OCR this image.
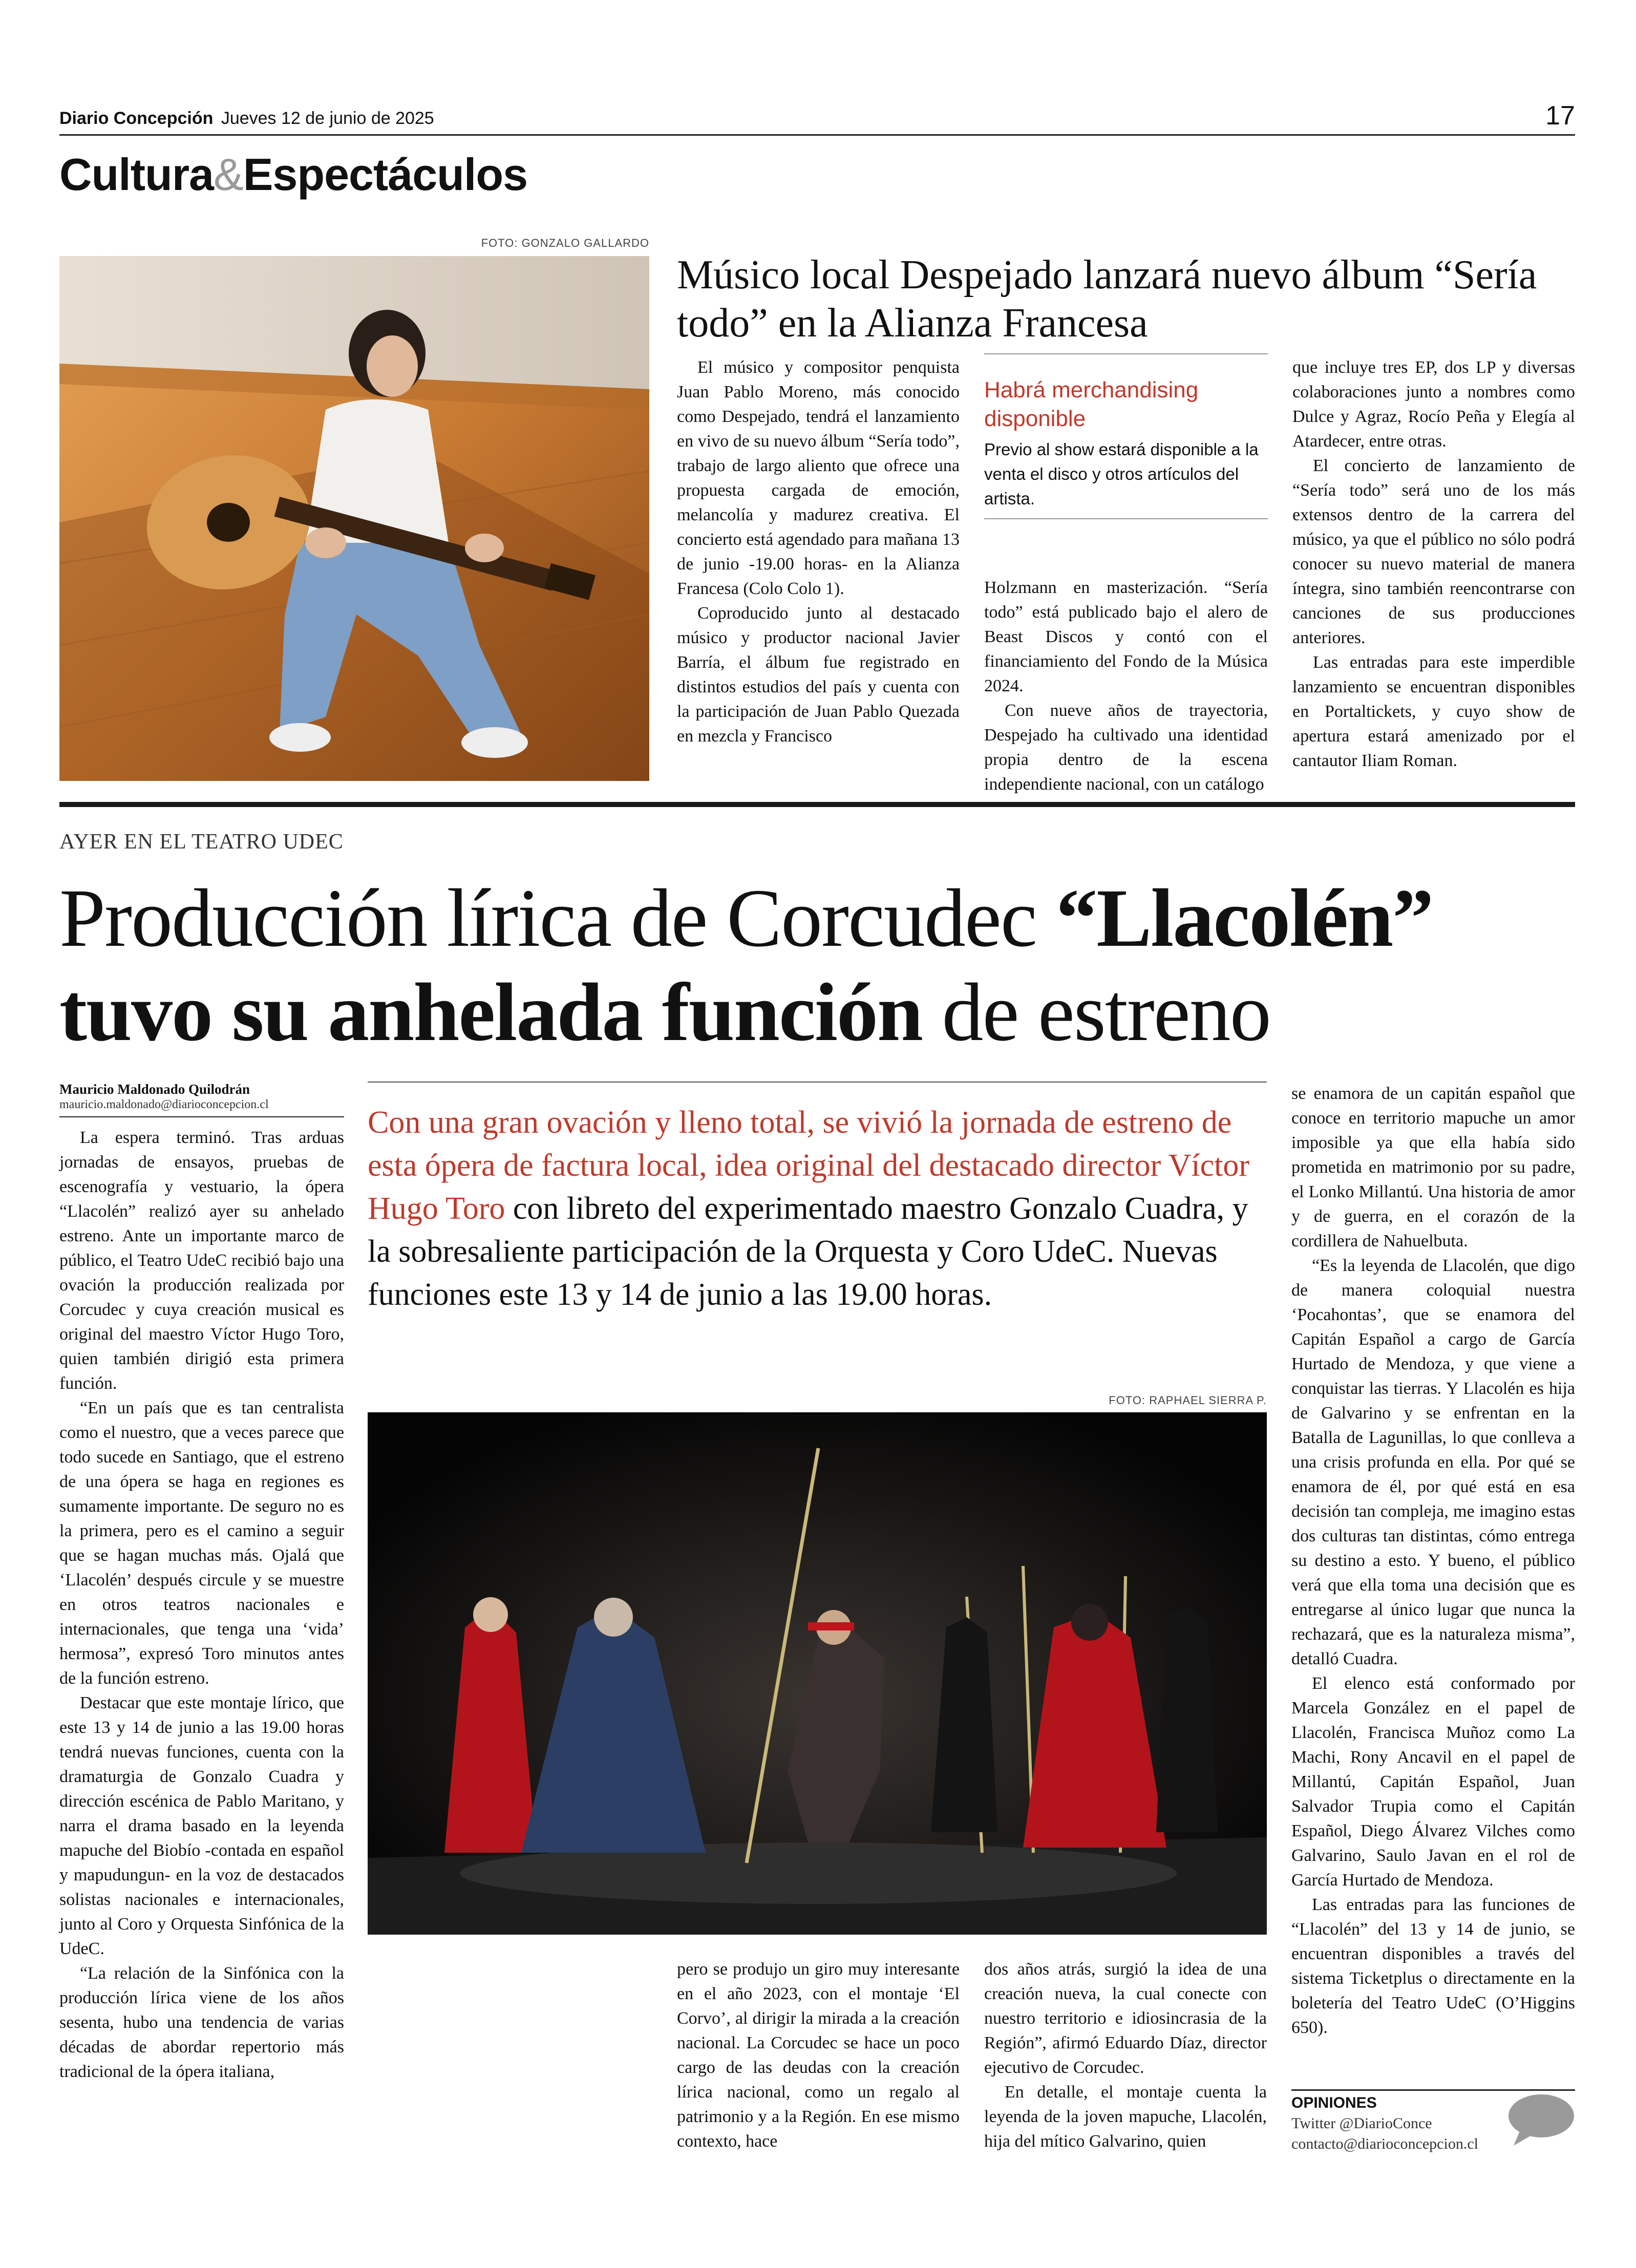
Diario Concepción Jueves 12 de junio de 2025	17
Cultura&Espectáculos
FOTO: GONZALO GALLARDO
Músico local Despejado lanzará nuevo álbum “Sería todo” en la Alianza Francesa

El músico y compositor penquista Juan Pablo Moreno, más conocido como Despejado, tendrá el lanzamiento en vivo de su nuevo álbum “Sería todo”, trabajo de largo aliento que ofrece una propuesta cargada de emoción, melancolía y madurez creativa. El concierto está agendado para mañana 13 de junio -19.00 horas- en la Alianza Francesa (Colo Colo 1).

Coproducido junto al destacado músico y productor nacional Javier Barría, el álbum fue registrado en distintos estudios del país y cuenta con la participación de Juan Pablo Quezada en mezcla y Francisco

Habrá merchandising disponible
Previo al show estará disponible a la venta el disco y otros artículos del artista.

Holzmann en masterización. “Sería todo” está publicado bajo el alero de Beast Discos y contó con el financiamiento del Fondo de la Música 2024.

Con nueve años de trayectoria, Despejado ha cultivado una identidad propia dentro de la escena independiente nacional, con un catálogo

que incluye tres EP, dos LP y diversas colaboraciones junto a nombres como Dulce y Agraz, Rocío Peña y Elegía al Atardecer, entre otras.

El concierto de lanzamiento de “Sería todo” será uno de los más extensos dentro de la carrera del músico, ya que el público no sólo podrá conocer su nuevo material de manera íntegra, sino también reencontrarse con canciones de sus producciones anteriores.

Las entradas para este imperdible lanzamiento se encuentran disponibles en Portaltickets, y cuyo show de apertura estará amenizado por el cantautor Iliam Roman.

AYER EN EL TEATRO UDEC
Producción lírica de Corcudec “Llacolén”
tuvo su anhelada función de estreno
Mauricio Maldonado Quilodrán
mauricio.maldonado@diarioconcepcion.cl

La espera terminó. Tras arduas jornadas de ensayos, pruebas de escenografía y vestuario, la ópera “Llacolén” realizó ayer su anhelado estreno. Ante un importante marco de público, el Teatro UdeC recibió bajo una ovación la producción realizada por Corcudec y cuya creación musical es original del maestro Víctor Hugo Toro, quien también dirigió esta primera función.

“En un país que es tan centralista como el nuestro, que a veces parece que todo sucede en Santiago, que el estreno de una ópera se haga en regiones es sumamente importante. De seguro no es la primera, pero es el camino a seguir que se hagan muchas más. Ojalá que ‘Llacolén’ después circule y se muestre en otros teatros nacionales e internacionales, que tenga una ‘vida’ hermosa”, expresó Toro minutos antes de la función estreno.

Destacar que este montaje lírico, que este 13 y 14 de junio a las 19.00 horas tendrá nuevas funciones, cuenta con la dramaturgia de Gonzalo Cuadra y dirección escénica de Pablo Maritano, y narra el drama basado en la leyenda mapuche del Biobío -contada en español y mapudungun- en la voz de destacados solistas nacionales e internacionales, junto al Coro y Orquesta Sinfónica de la UdeC.

“La relación de la Sinfónica con la producción lírica viene de los años sesenta, hubo una tendencia de varias décadas de abordar repertorio más tradicional de la ópera italiana,

Con una gran ovación y lleno total, se vivió la jornada de estreno de esta ópera de factura local, idea original del destacado director Víctor Hugo Toro con libreto del experimentado maestro Gonzalo Cuadra, y la sobresaliente participación de la Orquesta y Coro UdeC. Nuevas funciones este 13 y 14 de junio a las 19.00 horas.
FOTO: RAPHAEL SIERRA P.

pero se produjo un giro muy interesante en el año 2023, con el montaje ‘El Corvo’, al dirigir la mirada a la creación nacional. La Corcudec se hace un poco cargo de las deudas con la creación lírica nacional, como un regalo al patrimonio y a la Región. En ese mismo contexto, hace

dos años atrás, surgió la idea de una creación nueva, la cual conecte con nuestro territorio e idiosincrasia de la Región”, afirmó Eduardo Díaz, director ejecutivo de Corcudec.

En detalle, el montaje cuenta la leyenda de la joven mapuche, Llacolén, hija del mítico Galvarino, quien

se enamora de un capitán español que conoce en territorio mapuche un amor imposible ya que ella había sido prometida en matrimonio por su padre, el Lonko Millantú. Una historia de amor y de guerra, en el corazón de la cordillera de Nahuelbuta.

“Es la leyenda de Llacolén, que digo de manera coloquial nuestra ‘Pocahontas’, que se enamora del Capitán Español a cargo de García Hurtado de Mendoza, y que viene a conquistar las tierras. Y Llacolén es hija de Galvarino y se enfrentan en la Batalla de Lagunillas, lo que conlleva a una crisis profunda en ella. Por qué se enamora de él, por qué está en esa decisión tan compleja, me imagino estas dos culturas tan distintas, cómo entrega su destino a esto. Y bueno, el público verá que ella toma una decisión que es entregarse al único lugar que nunca la rechazará, que es la naturaleza misma”, detalló Cuadra.

El elenco está conformado por Marcela González en el papel de Llacolén, Francisca Muñoz como La Machi, Rony Ancavil en el papel de Millantú, Capitán Español, Juan Salvador Trupia como el Capitán Español, Diego Álvarez Vilches como Galvarino, Saulo Javan en el rol de García Hurtado de Mendoza.

Las entradas para las funciones de “Llacolén” del 13 y 14 de junio, se encuentran disponibles a través del sistema Ticketplus o directamente en la boletería del Teatro UdeC (O’Higgins 650).

OPINIONES
Twitter @DiarioConce
contacto@diarioconcepcion.cl
